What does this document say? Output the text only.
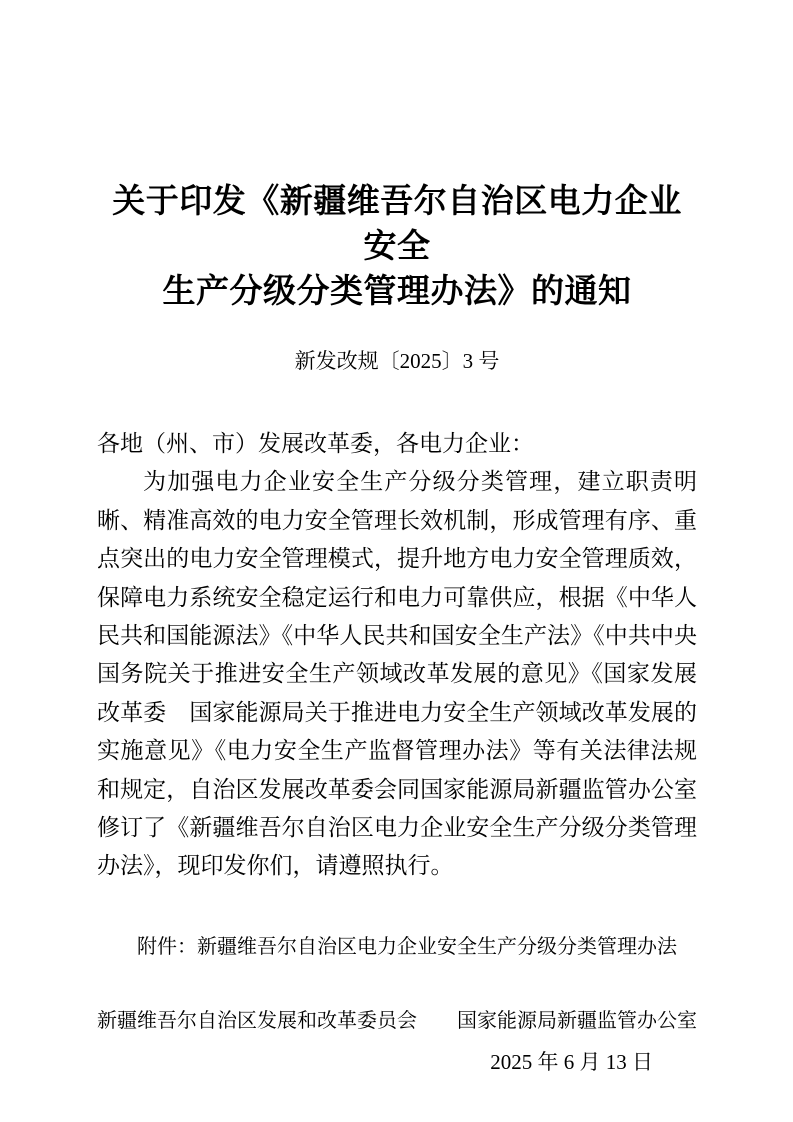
关于印发《新疆维吾尔自治区电力企业安全
生产分级分类管理办法》的通知
新发改规〔2025〕3 号

各地（州、市）发展改革委，各电力企业：

为加强电力企业安全生产分级分类管理，建立职责明晰、精准高效的电力安全管理长效机制，形成管理有序、重点突出的电力安全管理模式，提升地方电力安全管理质效，保障电力系统安全稳定运行和电力可靠供应，根据《中华人民共和国能源法》《中华人民共和国安全生产法》《中共中央　国务院关于推进安全生产领域改革发展的意见》《国家发展改革委　国家能源局关于推进电力安全生产领域改革发展的实施意见》《电力安全生产监督管理办法》等有关法律法规和规定，自治区发展改革委会同国家能源局新疆监管办公室修订了《新疆维吾尔自治区电力企业安全生产分级分类管理办法》，现印发你们，请遵照执行。

附件：新疆维吾尔自治区电力企业安全生产分级分类管理办法

新疆维吾尔自治区发展和改革委员会 国家能源局新疆监管办公室
2025 年 6 月 13 日
